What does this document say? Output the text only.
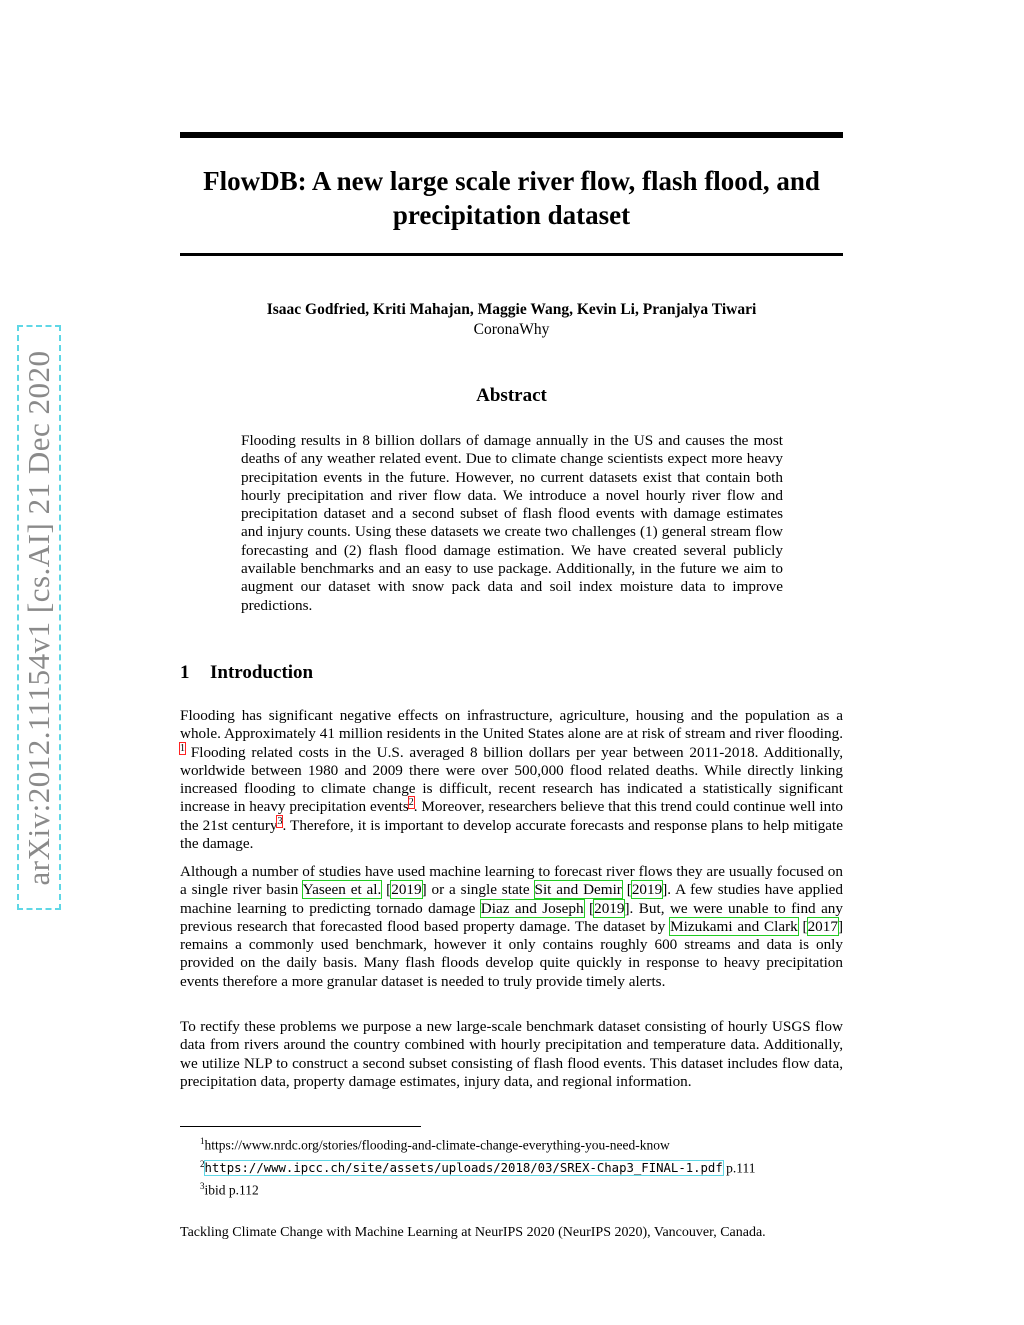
arXiv:2012.11154v1 [cs.AI] 21 Dec 2020
FlowDB: A new large scale river flow, flash flood, and precipitation dataset
Isaac Godfried, Kriti Mahajan, Maggie Wang, Kevin Li, Pranjalya Tiwari
CoronaWhy
Abstract
Flooding results in 8 billion dollars of damage annually in the US and causes the most deaths of any weather related event. Due to climate change scientists expect more heavy precipitation events in the future. However, no current datasets exist that contain both hourly precipitation and river flow data. We introduce a novel hourly river flow and precipitation dataset and a second subset of flash flood events with damage estimates and injury counts. Using these datasets we create two challenges (1) general stream flow forecasting and (2) flash flood damage estimation. We have created several publicly available benchmarks and an easy to use package. Additionally, in the future we aim to augment our dataset with snow pack data and soil index moisture data to improve predictions.
1 Introduction
Flooding has significant negative effects on infrastructure, agriculture, housing and the population as a whole. Approximately 41 million residents in the United States alone are at risk of stream and river flooding. $^1$ Flooding related costs in the U.S. averaged 8 billion dollars per year between 2011-2018. Additionally, worldwide between 1980 and 2009 there were over 500,000 flood related deaths. While directly linking increased flooding to climate change is difficult, recent research has indicated a statistically significant increase in heavy precipitation events$^2$. Moreover, researchers believe that this trend could continue well into the 21st century$^3$. Therefore, it is important to develop accurate forecasts and response plans to help mitigate the damage.
Although a number of studies have used machine learning to forecast river flows they are usually focused on a single river basin Yaseen et al. [2019] or a single state Sit and Demir [2019]. A few studies have applied machine learning to predicting tornado damage Diaz and Joseph [2019]. But, we were unable to find any previous research that forecasted flood based property damage. The dataset by Mizukami and Clark [2017] remains a commonly used benchmark, however it only contains roughly 600 streams and data is only provided on the daily basis. Many flash floods develop quite quickly in response to heavy precipitation events therefore a more granular dataset is needed to truly provide timely alerts.
To rectify these problems we purpose a new large-scale benchmark dataset consisting of hourly USGS flow data from rivers around the country combined with hourly precipitation and temperature data. Additionally, we utilize NLP to construct a second subset consisting of flash flood events. This dataset includes flow data, precipitation data, property damage estimates, injury data, and regional information.
$^1$https://www.nrdc.org/stories/flooding-and-climate-change-everything-you-need-know
$^2$https://www.ipcc.ch/site/assets/uploads/2018/03/SREX-Chap3_FINAL-1.pdf p.111
$^3$ibid p.112
Tackling Climate Change with Machine Learning at NeurIPS 2020 (NeurIPS 2020), Vancouver, Canada.
